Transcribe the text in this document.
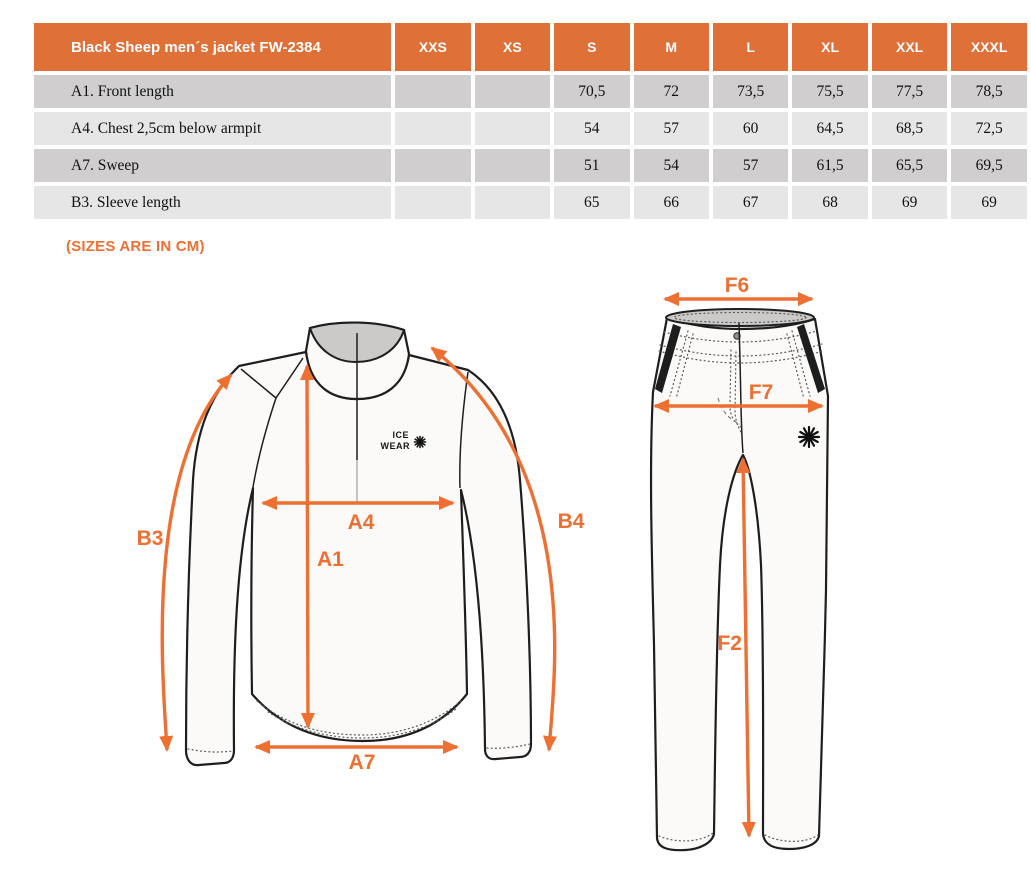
Black Sheep men´s jacket FW-2384	XXS	XS	S	M	L	XL	XXL	XXXL
A1. Front length			70,5	72	73,5	75,5	77,5	78,5
A4. Chest 2,5cm below armpit			54	57	60	64,5	68,5	72,5
A7. Sweep			51	54	57	61,5	65,5	69,5
B3. Sleeve length			65	66	67	68	69	69
(SIZES ARE IN CM)
ICE
WEAR
B3
A4
A1
A7
B4
F6
F7
F2
